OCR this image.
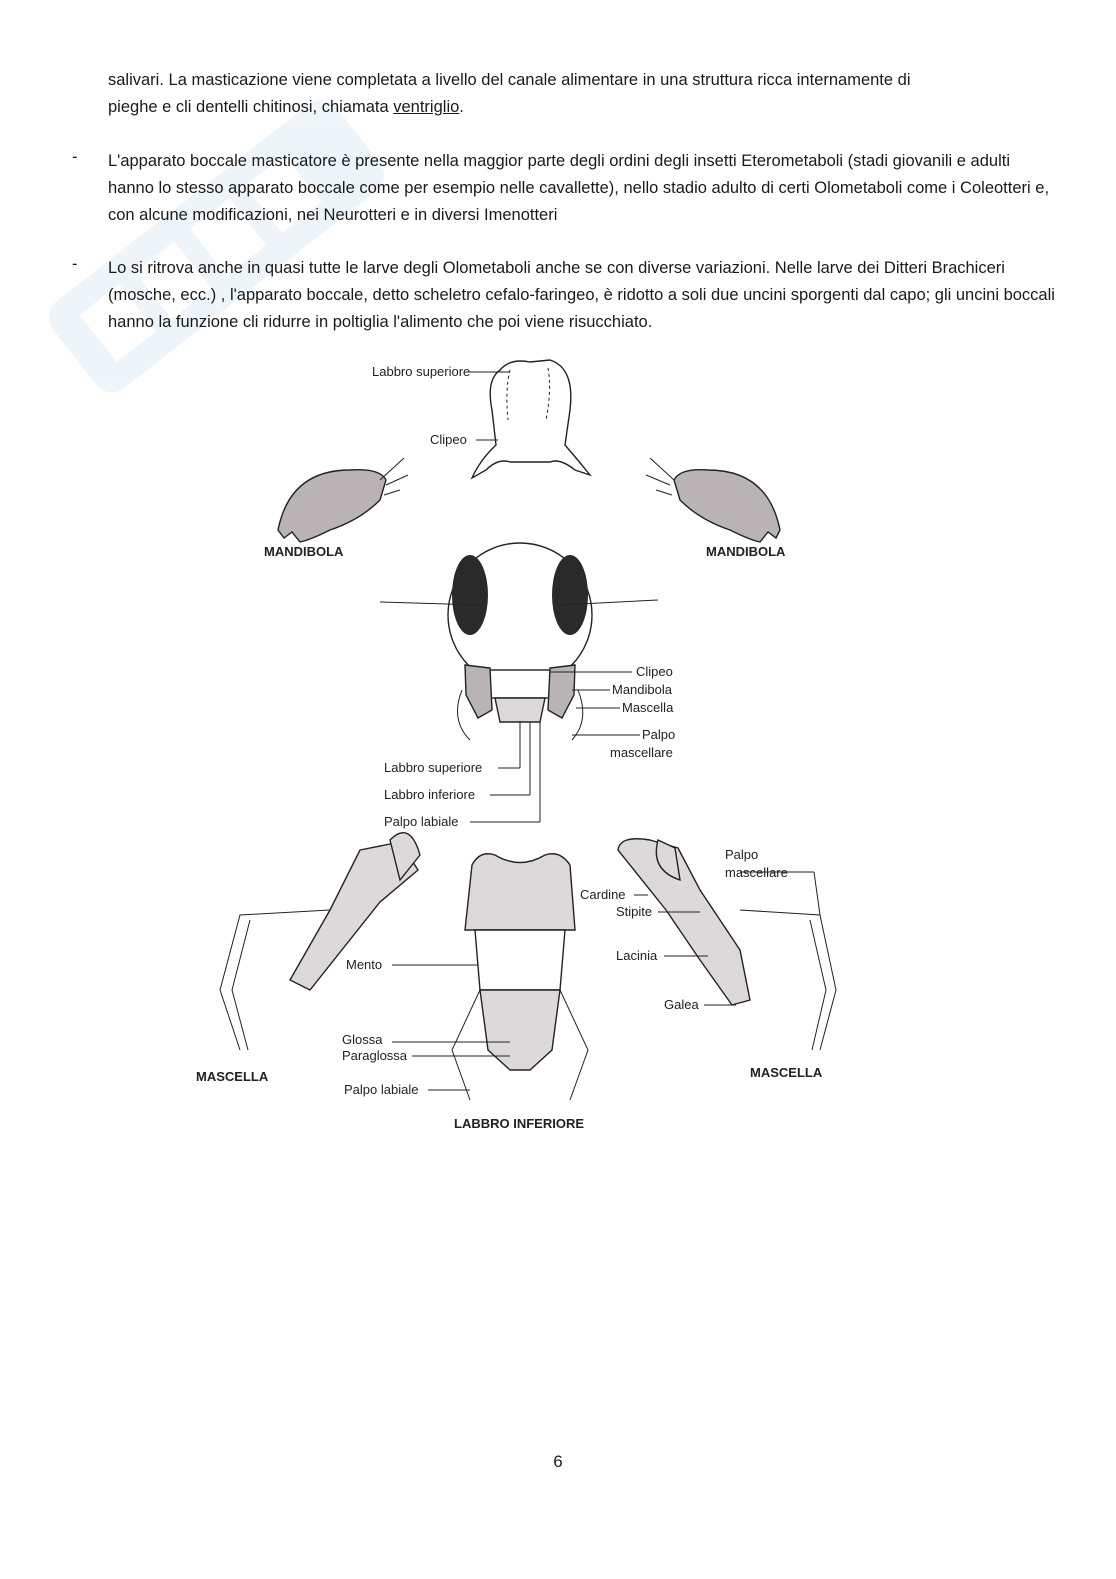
salivari. La masticazione viene completata a livello del canale alimentare in una struttura ricca internamente di

pieghe e cli dentelli chitinosi, chiamata ventriglio.

- L'apparato boccale masticatore è presente nella maggior parte degli ordini degli insetti Eterometaboli (stadi giovanili e adulti hanno lo stesso apparato boccale come per esempio nelle cavallette), nello stadio adulto di certi Olometaboli come i Coleotteri e, con alcune modificazioni, nei Neurotteri e in diversi Imenotteri

- Lo si ritrova anche in quasi tutte le larve degli Olometaboli anche se con diverse variazioni. Nelle larve dei Ditteri Brachiceri (mosche, ecc.) , l'apparato boccale, detto scheletro cefalo-faringeo, è ridotto a soli due uncini sporgenti dal capo; gli uncini boccali hanno la funzione cli ridurre in poltiglia l'alimento che poi viene risucchiato.

Labbro superiore
Clipeo
MANDIBOLA	MANDIBOLA
Clipeo
Mandibola
Mascella
Palpo
mascellare
Labbro superiore
Labbro inferiore
Palpo labiale
MASCELLA
Mento
Glossa
Paraglossa
Palpo labiale
LABBRO INFERIORE
Palpo
mascellare
Cardine
Stipite
Lacinia
Galea
MASCELLA
6
